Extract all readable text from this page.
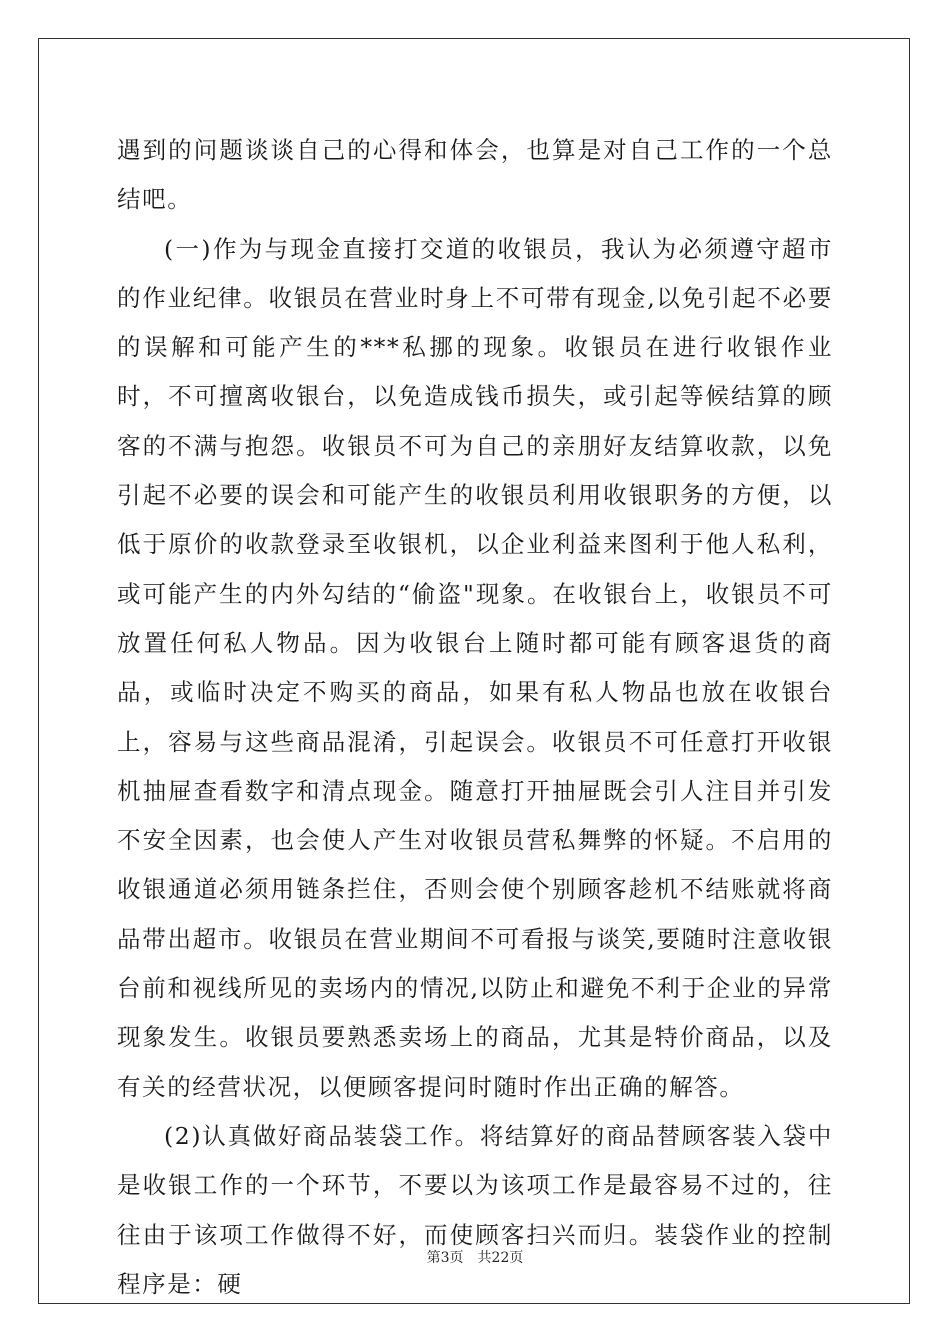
遇到的问题谈谈自己的心得和体会，也算是对自己工作的一个总结吧。

(一)作为与现金直接打交道的收银员，我认为必须遵守超市的作业纪律。收银员在营业时身上不可带有现金,以免引起不必要的误解和可能产生的***私挪的现象。收银员在进行收银作业时，不可擅离收银台，以免造成钱币损失，或引起等候结算的顾客的不满与抱怨。收银员不可为自己的亲朋好友结算收款，以免引起不必要的误会和可能产生的收银员利用收银职务的方便，以低于原价的收款登录至收银机，以企业利益来图利于他人私利，或可能产生的内外勾结的“偷盗"现象。在收银台上，收银员不可放置任何私人物品。因为收银台上随时都可能有顾客退货的商品，或临时决定不购买的商品，如果有私人物品也放在收银台上，容易与这些商品混淆，引起误会。收银员不可任意打开收银机抽屉查看数字和清点现金。随意打开抽屉既会引人注目并引发不安全因素，也会使人产生对收银员营私舞弊的怀疑。不启用的收银通道必须用链条拦住，否则会使个别顾客趁机不结账就将商品带出超市。收银员在营业期间不可看报与谈笑,要随时注意收银台前和视线所见的卖场内的情况,以防止和避免不利于企业的异常现象发生。收银员要熟悉卖场上的商品，尤其是特价商品，以及有关的经营状况，以便顾客提问时随时作出正确的解答。

(2)认真做好商品装袋工作。将结算好的商品替顾客装入袋中是收银工作的一个环节，不要以为该项工作是最容易不过的，往往由于该项工作做得不好，而使顾客扫兴而归。装袋作业的控制程序是：硬

第3页 共22页
